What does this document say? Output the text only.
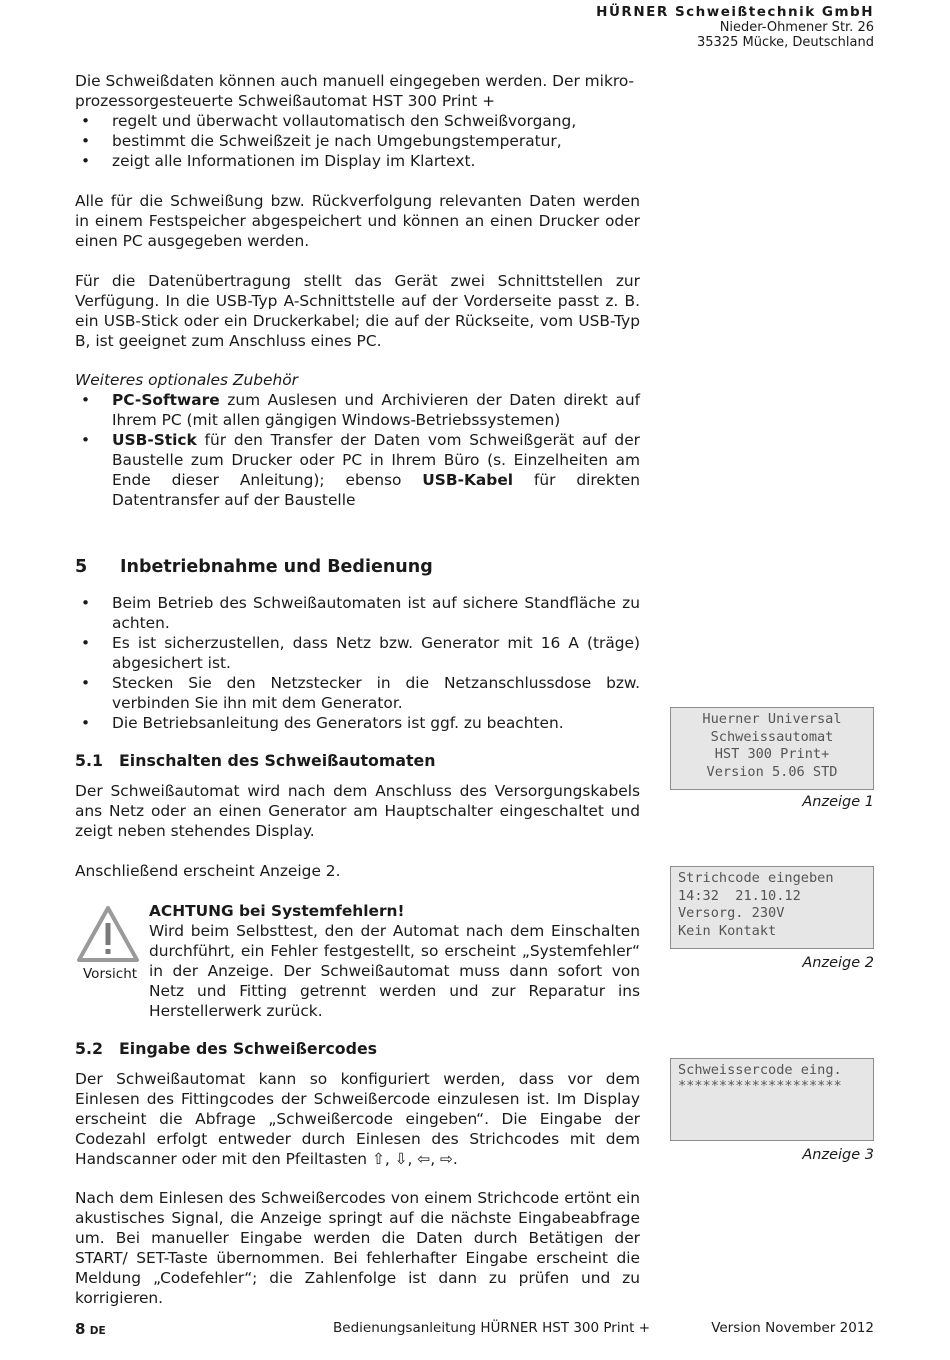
HÜRNER Schweißtechnik GmbH
Nieder-Ohmener Str. 26
35325 Mücke, Deutschland

Die Schweißdaten können auch manuell eingegeben werden. Der mikro-
prozessorgesteuerte Schweißautomat HST 300 Print +

• regelt und überwacht vollautomatisch den Schweißvorgang,
• bestimmt die Schweißzeit je nach Umgebungstemperatur,
• zeigt alle Informationen im Display im Klartext.

Alle für die Schweißung bzw. Rückverfolgung relevanten Daten werden in einem Festspeicher abgespeichert und können an einen Drucker oder einen PC ausgegeben werden.

Für die Datenübertragung stellt das Gerät zwei Schnittstellen zur Verfügung. In die USB-Typ A-Schnittstelle auf der Vorderseite passt z. B. ein USB-Stick oder ein Druckerkabel; die auf der Rückseite, vom USB-Typ B, ist geeignet zum Anschluss eines PC.

Weiteres optionales Zubehör
• PC-Software zum Auslesen und Archivieren der Daten direkt auf Ihrem PC (mit allen gängigen Windows-Betriebssystemen)
• USB-Stick für den Transfer der Daten vom Schweißgerät auf der Baustelle zum Drucker oder PC in Ihrem Büro (s. Einzelheiten am Ende dieser Anleitung); ebenso USB-Kabel für direkten Datentransfer auf der Baustelle
5 Inbetriebnahme und Bedienung
• Beim Betrieb des Schweißautomaten ist auf sichere Standfläche zu achten.
• Es ist sicherzustellen, dass Netz bzw. Generator mit 16 A (träge) abgesichert ist.
• Stecken Sie den Netzstecker in die Netzanschlussdose bzw. verbinden Sie ihn mit dem Generator.
• Die Betriebsanleitung des Generators ist ggf. zu beachten.
5.1 Einschalten des Schweißautomaten

Der Schweißautomat wird nach dem Anschluss des Versorgungskabels ans Netz oder an einen Generator am Hauptschalter eingeschaltet und zeigt neben stehendes Display.

Anschließend erscheint Anzeige 2.

Vorsicht
ACHTUNG bei Systemfehlern!

Wird beim Selbsttest, den der Automat nach dem Einschalten durchführt, ein Fehler festgestellt, so erscheint „Systemfehler“ in der Anzeige. Der Schweißautomat muss dann sofort von Netz und Fitting getrennt werden und zur Reparatur ins Herstellerwerk zurück.

5.2 Eingabe des Schweißercodes

Der Schweißautomat kann so konfiguriert werden, dass vor dem Einlesen des Fittingcodes der Schweißercode einzulesen ist. Im Display erscheint die Abfrage „Schweißercode eingeben“. Die Eingabe der Codezahl erfolgt entweder durch Einlesen des Strichcodes mit dem Handscanner oder mit den Pfeiltasten ⇧, ⇩, ⇦, ⇨.

Nach dem Einlesen des Schweißercodes von einem Strichcode ertönt ein akustisches Signal, die Anzeige springt auf die nächste Eingabeabfrage um. Bei manueller Eingabe werden die Daten durch Betätigen der START/ SET-Taste übernommen. Bei fehlerhafter Eingabe erscheint die Meldung „Codefehler“; die Zahlenfolge ist dann zu prüfen und zu korrigieren.

Huerner Universal
Schweissautomat
HST 300 Print+
Version 5.06 STD
Anzeige 1
Strichcode eingeben
14:32  21.10.12
Versorg. 230V
Kein Kontakt
Anzeige 2
Schweissercode eing.
********************
Anzeige 3
8 DE	Bedienungsanleitung HÜRNER HST 300 Print +	Version November 2012
